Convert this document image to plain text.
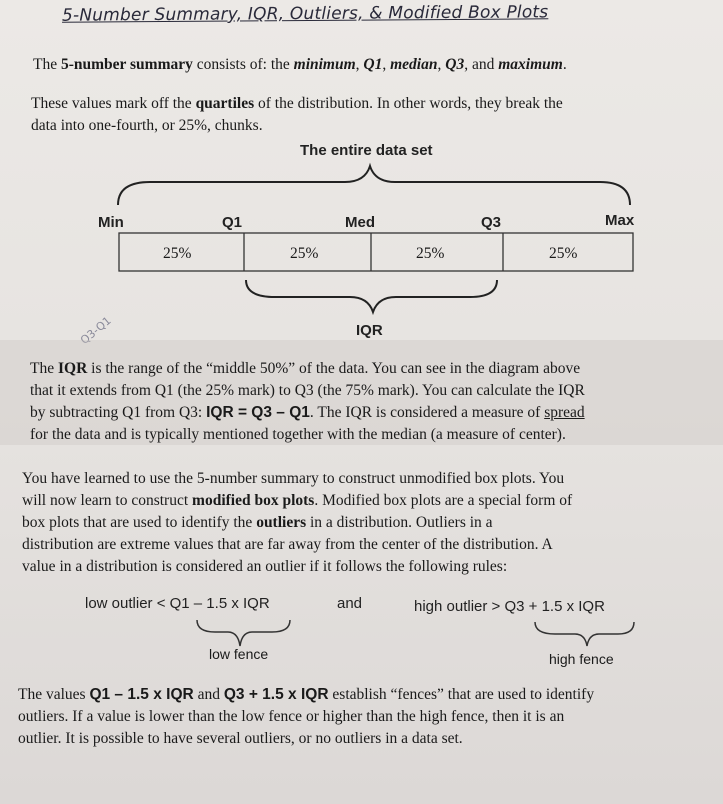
5-Number Summary, IQR, Outliers, & Modified Box Plots
The 5-number summary consists of: the minimum, Q1, median, Q3, and maximum.
These values mark off the quartiles of the distribution. In other words, they break the
data into one-fourth, or 25%, chunks.
The entire data set
Min	Q1	Med	Q3	Max
25%	25%	25%	25%
Q3-Q1	IQR
The IQR is the range of the “middle 50%” of the data. You can see in the diagram above
that it extends from Q1 (the 25% mark) to Q3 (the 75% mark). You can calculate the IQR
by subtracting Q1 from Q3: IQR = Q3 – Q1. The IQR is considered a measure of spread
for the data and is typically mentioned together with the median (a measure of center).
You have learned to use the 5-number summary to construct unmodified box plots. You
will now learn to construct modified box plots. Modified box plots are a special form of
box plots that are used to identify the outliers in a distribution. Outliers in a
distribution are extreme values that are far away from the center of the distribution. A
value in a distribution is considered an outlier if it follows the following rules:
low outlier < Q1 – 1.5 x IQR	and	high outlier > Q3 + 1.5 x IQR
low fence	high fence
The values Q1 – 1.5 x IQR and Q3 + 1.5 x IQR establish “fences” that are used to identify
outliers. If a value is lower than the low fence or higher than the high fence, then it is an
outlier. It is possible to have several outliers, or no outliers in a data set.
